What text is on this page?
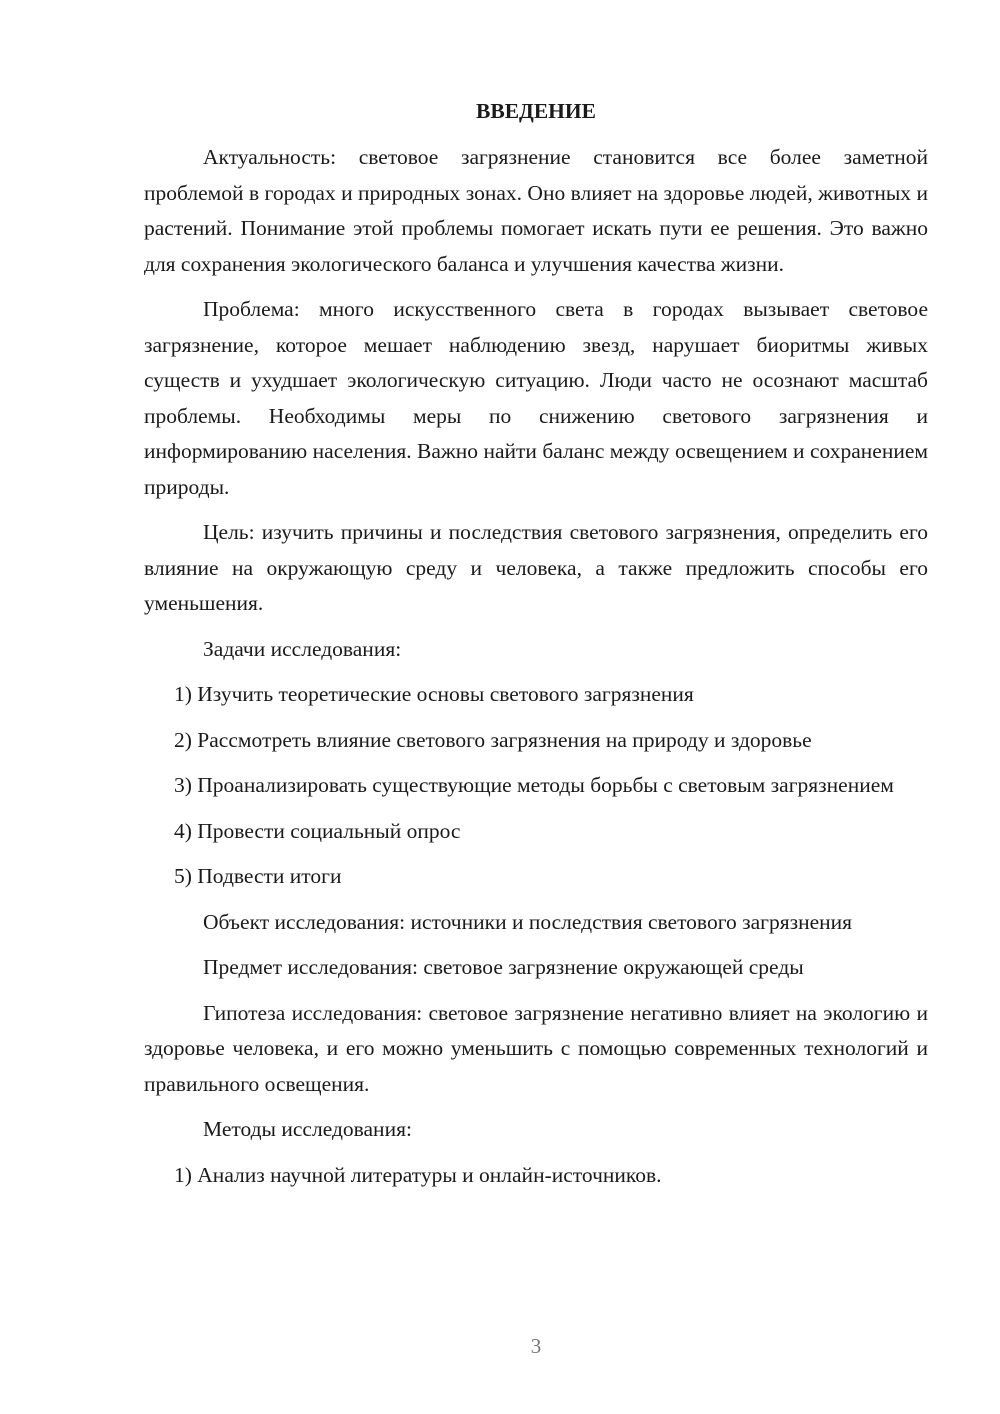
ВВЕДЕНИЕ

Актуальность: световое загрязнение становится все более заметной проблемой в городах и природных зонах. Оно влияет на здоровье людей, животных и растений. Понимание этой проблемы помогает искать пути ее решения. Это важно для сохранения экологического баланса и улучшения качества жизни.

Проблема: много искусственного света в городах вызывает световое загрязнение, которое мешает наблюдению звезд, нарушает биоритмы живых существ и ухудшает экологическую ситуацию. Люди часто не осознают масштаб проблемы. Необходимы меры по снижению светового загрязнения и информированию населения. Важно найти баланс между освещением и сохранением природы.

Цель: изучить причины и последствия светового загрязнения, определить его влияние на окружающую среду и человека, а также предложить способы его уменьшения.

Задачи исследования:

1) Изучить теоретические основы светового загрязнения

2) Рассмотреть влияние светового загрязнения на природу и здоровье

3) Проанализировать существующие методы борьбы с световым загрязнением

4) Провести социальный опрос

5) Подвести итоги

Объект исследования: источники и последствия светового загрязнения

Предмет исследования: световое загрязнение окружающей среды

Гипотеза исследования: световое загрязнение негативно влияет на экологию и здоровье человека, и его можно уменьшить с помощью современных технологий и правильного освещения.

Методы исследования:

1) Анализ научной литературы и онлайн-источников.

3
